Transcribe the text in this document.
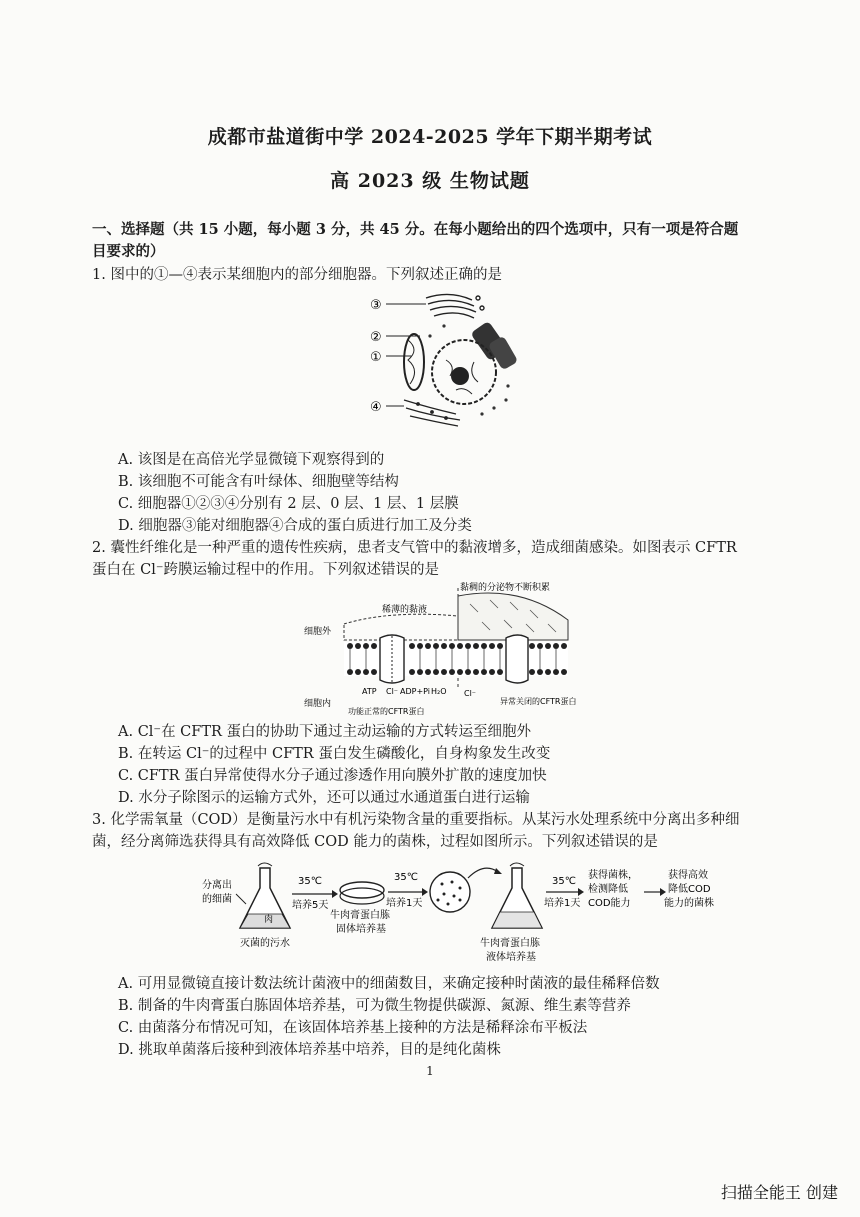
成都市盐道街中学 2024-2025 学年下期半期考试
高 2023 级 生物试题
一、选择题（共 15 小题，每小题 3 分，共 45 分。在每小题给出的四个选项中，只有一项是符合题
目要求的）
1. 图中的①—④表示某细胞内的部分细胞器。下列叙述正确的是
③
②
①
④
A. 该图是在高倍光学显微镜下观察得到的
B. 该细胞不可能含有叶绿体、细胞壁等结构
C. 细胞器①②③④分别有 2 层、0 层、1 层、1 层膜
D. 细胞器③能对细胞器④合成的蛋白质进行加工及分类
2. 囊性纤维化是一种严重的遗传性疾病，患者支气管中的黏液增多，造成细菌感染。如图表示 CFTR
蛋白在 Cl⁻跨膜运输过程中的作用。下列叙述错误的是
黏稠的分泌物不断积累
稀薄的黏液
细胞外
细胞内
ATP Cl⁻ ADP+Pi H₂O Cl⁻
功能正常的CFTR蛋白
异常关闭的CFTR蛋白
A. Cl⁻在 CFTR 蛋白的协助下通过主动运输的方式转运至细胞外
B. 在转运 Cl⁻的过程中 CFTR 蛋白发生磷酸化，自身构象发生改变
C. CFTR 蛋白异常使得水分子通过渗透作用向膜外扩散的速度加快
D. 水分子除图示的运输方式外，还可以通过水通道蛋白进行运输
3. 化学需氧量（COD）是衡量污水中有机污染物含量的重要指标。从某污水处理系统中分离出多种细
菌，经分离筛选获得具有高效降低 COD 能力的菌株，过程如图所示。下列叙述错误的是
分离出
的细菌
肉
灭菌的污水
35℃
培养5天
牛肉膏蛋白胨
固体培养基
35℃
培养1天
牛肉膏蛋白胨
液体培养基
35℃
培养1天
获得菌株，
检测降低
COD能力
获得高效
降低COD
能力的菌株
A. 可用显微镜直接计数法统计菌液中的细菌数目，来确定接种时菌液的最佳稀释倍数
B. 制备的牛肉膏蛋白胨固体培养基，可为微生物提供碳源、氮源、维生素等营养
C. 由菌落分布情况可知，在该固体培养基上接种的方法是稀释涂布平板法
D. 挑取单菌落后接种到液体培养基中培养，目的是纯化菌株
1
扫描全能王 创建
